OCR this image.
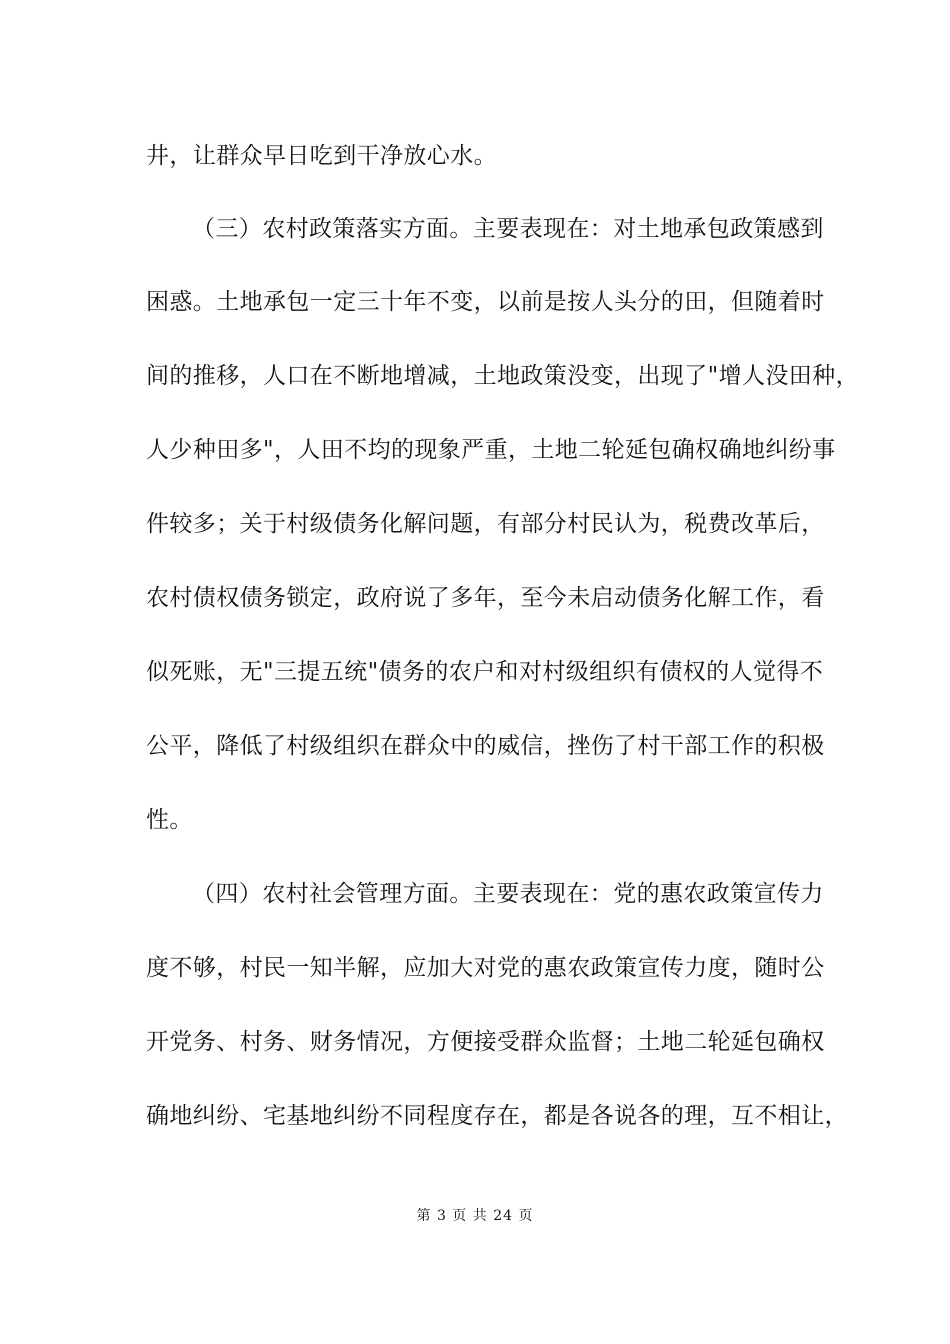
井，让群众早日吃到干净放心水。
（三）农村政策落实方面。主要表现在：对土地承包政策感到
困惑。土地承包一定三十年不变，以前是按人头分的田，但随着时
间的推移，人口在不断地增减，土地政策没变，出现了"增人没田种，
人少种田多"，人田不均的现象严重，土地二轮延包确权确地纠纷事
件较多；关于村级债务化解问题，有部分村民认为，税费改革后，
农村债权债务锁定，政府说了多年，至今未启动债务化解工作，看
似死账，无"三提五统"债务的农户和对村级组织有债权的人觉得不
公平，降低了村级组织在群众中的威信，挫伤了村干部工作的积极
性。
（四）农村社会管理方面。主要表现在：党的惠农政策宣传力
度不够，村民一知半解，应加大对党的惠农政策宣传力度，随时公
开党务、村务、财务情况，方便接受群众监督；土地二轮延包确权
确地纠纷、宅基地纠纷不同程度存在，都是各说各的理，互不相让，
第 3 页 共 24 页
